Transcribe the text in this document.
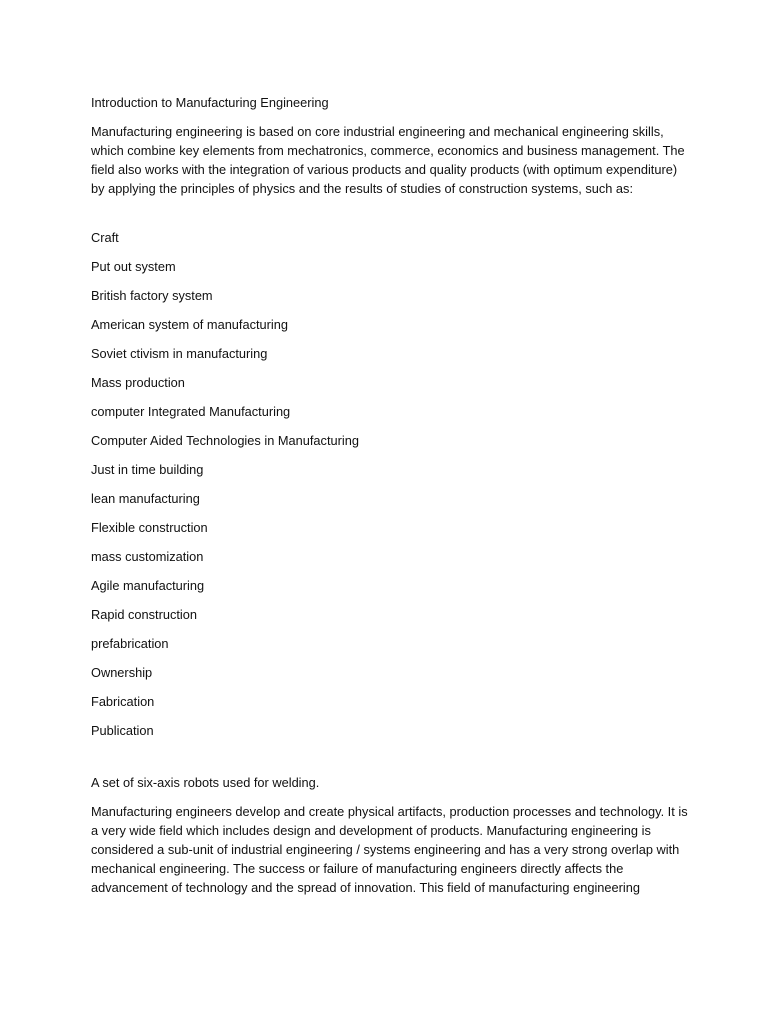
Introduction to Manufacturing Engineering

Manufacturing engineering is based on core industrial engineering and mechanical engineering skills, which combine key elements from mechatronics, commerce, economics and business management. The field also works with the integration of various products and quality products (with optimum expenditure) by applying the principles of physics and the results of studies of construction systems, such as:

Craft
Put out system
British factory system
American system of manufacturing
Soviet ctivism in manufacturing
Mass production
computer Integrated Manufacturing
Computer Aided Technologies in Manufacturing
Just in time building
lean manufacturing
Flexible construction
mass customization
Agile manufacturing
Rapid construction
prefabrication
Ownership
Fabrication
Publication

A set of six-axis robots used for welding.

Manufacturing engineers develop and create physical artifacts, production processes and technology. It is a very wide field which includes design and development of products. Manufacturing engineering is considered a sub-unit of industrial engineering / systems engineering and has a very strong overlap with mechanical engineering. The success or failure of manufacturing engineers directly affects the advancement of technology and the spread of innovation. This field of manufacturing engineering
